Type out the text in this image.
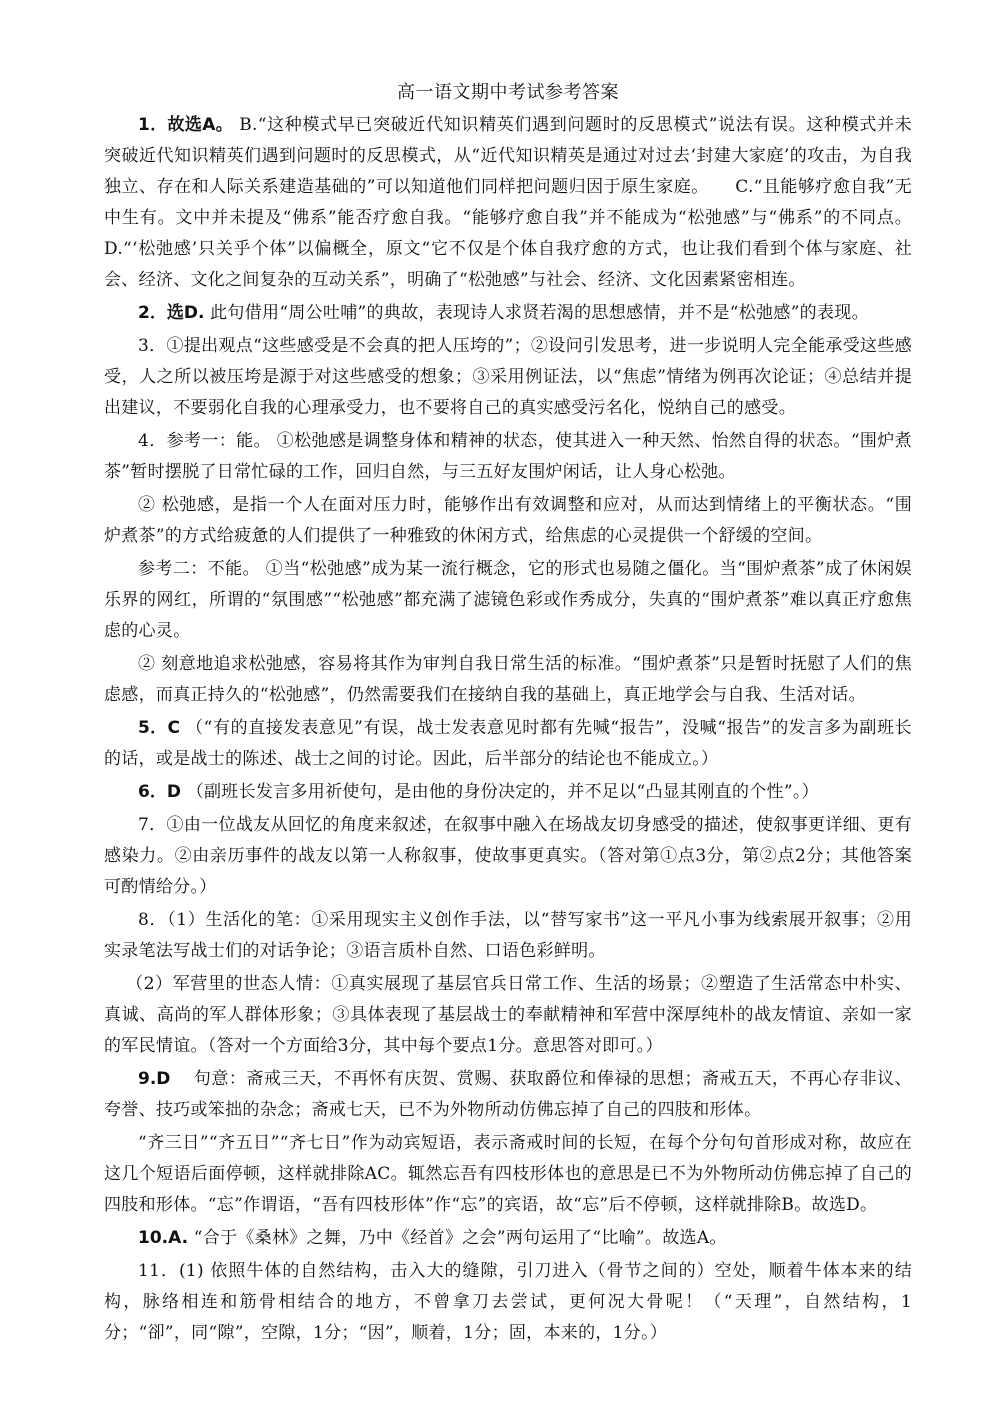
高一语文期中考试参考答案

1．故选A。 B.“这种模式早已突破近代知识精英们遇到问题时的反思模式”说法有误。这种模式并未突破近代知识精英们遇到问题时的反思模式，从“近代知识精英是通过对过去‘封建大家庭’的攻击，为自我独立、存在和人际关系建造基础的”可以知道他们同样把问题归因于原生家庭。　　C.“且能够疗愈自我”无中生有。文中并未提及“佛系”能否疗愈自我。“能够疗愈自我”并不能成为“松弛感”与“佛系”的不同点。D.“‘松弛感’只关乎个体”以偏概全，原文“它不仅是个体自我疗愈的方式，也让我们看到个体与家庭、社会、经济、文化之间复杂的互动关系”，明确了“松弛感”与社会、经济、文化因素紧密相连。

2．选D. 此句借用“周公吐哺”的典故，表现诗人求贤若渴的思想感情，并不是“松弛感”的表现。

3．①提出观点“这些感受是不会真的把人压垮的”；②设问引发思考，进一步说明人完全能承受这些感受，人之所以被压垮是源于对这些感受的想象；③采用例证法，以“焦虑”情绪为例再次论证；④总结并提出建议，不要弱化自我的心理承受力，也不要将自己的真实感受污名化，悦纳自己的感受。

4．参考一：能。 ①松弛感是调整身体和精神的状态，使其进入一种天然、怡然自得的状态。“围炉煮茶”暂时摆脱了日常忙碌的工作，回归自然，与三五好友围炉闲话，让人身心松弛。

② 松弛感，是指一个人在面对压力时，能够作出有效调整和应对，从而达到情绪上的平衡状态。“围炉煮茶”的方式给疲惫的人们提供了一种雅致的休闲方式，给焦虑的心灵提供一个舒缓的空间。

参考二：不能。 ①当“松弛感”成为某一流行概念，它的形式也易随之僵化。当“围炉煮茶”成了休闲娱乐界的网红，所谓的“氛围感”“松弛感”都充满了滤镜色彩或作秀成分，失真的“围炉煮茶”难以真正疗愈焦虑的心灵。

② 刻意地追求松弛感，容易将其作为审判自我日常生活的标准。“围炉煮茶”只是暂时抚慰了人们的焦虑感，而真正持久的“松弛感”，仍然需要我们在接纳自我的基础上，真正地学会与自我、生活对话。

5．C （“有的直接发表意见”有误，战士发表意见时都有先喊“报告”，没喊“报告”的发言多为副班长的话，或是战士的陈述、战士之间的讨论。因此，后半部分的结论也不能成立。）

6．D （副班长发言多用祈使句，是由他的身份决定的，并不足以“凸显其刚直的个性”。）

7．①由一位战友从回忆的角度来叙述，在叙事中融入在场战友切身感受的描述，使叙事更详细、更有感染力。②由亲历事件的战友以第一人称叙事，使故事更真实。（答对第①点3分，第②点2分；其他答案可酌情给分。）

8．（1）生活化的笔：①采用现实主义创作手法，以“替写家书”这一平凡小事为线索展开叙事；②用实录笔法写战士们的对话争论；③语言质朴自然、口语色彩鲜明。

（2）军营里的世态人情：①真实展现了基层官兵日常工作、生活的场景；②塑造了生活常态中朴实、真诚、高尚的军人群体形象；③具体表现了基层战士的奉献精神和军营中深厚纯朴的战友情谊、亲如一家的军民情谊。（答对一个方面给3分，其中每个要点1分。意思答对即可。）

9.D 　句意：斋戒三天，不再怀有庆贺、赏赐、获取爵位和俸禄的思想；斋戒五天，不再心存非议、夸誉、技巧或笨拙的杂念；斋戒七天，已不为外物所动仿佛忘掉了自己的四肢和形体。

“齐三日”“齐五日”“齐七日”作为动宾短语，表示斋戒时间的长短，在每个分句句首形成对称，故应在这几个短语后面停顿，这样就排除AC。辄然忘吾有四枝形体也的意思是已不为外物所动仿佛忘掉了自己的四肢和形体。“忘”作谓语，“吾有四枝形体”作“忘”的宾语，故“忘”后不停顿，这样就排除B。故选D。

10.A. “合于《桑林》之舞，乃中《经首》之会”两句运用了“比喻”。故选A。

11．(1) 依照牛体的自然结构，击入大的缝隙，引刀进入（骨节之间的）空处，顺着牛体本来的结构，脉络相连和筋骨相结合的地方，不曾拿刀去尝试，更何况大骨呢！（“天理”，自然结构，1分；“卻”，同“隙”，空隙，1分；“因”，顺着，1分；固，本来的，1分。）
